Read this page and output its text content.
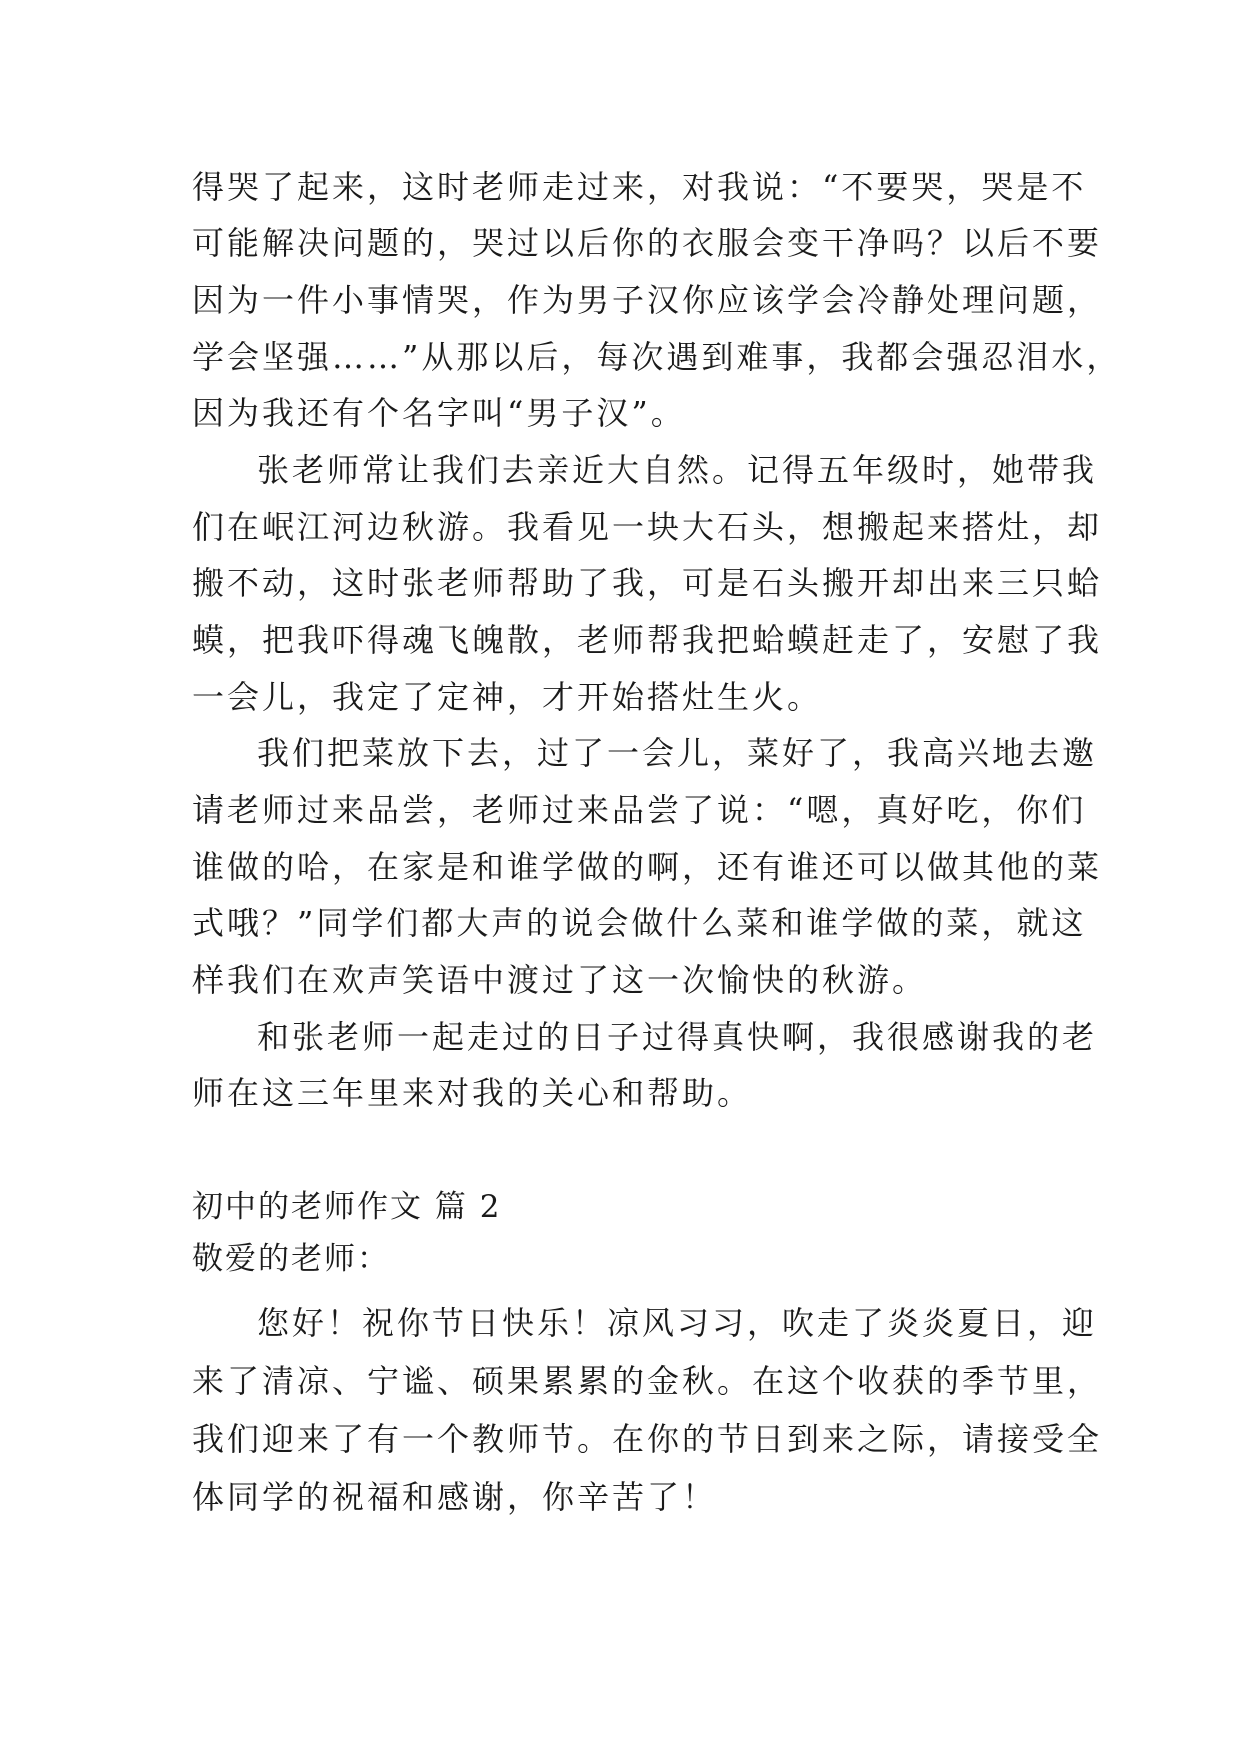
得哭了起来，这时老师走过来，对我说：“不要哭，哭是不
可能解决问题的，哭过以后你的衣服会变干净吗？以后不要
因为一件小事情哭，作为男子汉你应该学会冷静处理问题，
学会坚强……”从那以后，每次遇到难事，我都会强忍泪水，
因为我还有个名字叫“男子汉”。
张老师常让我们去亲近大自然。记得五年级时，她带我
们在岷江河边秋游。我看见一块大石头，想搬起来搭灶，却
搬不动，这时张老师帮助了我，可是石头搬开却出来三只蛤
蟆，把我吓得魂飞魄散，老师帮我把蛤蟆赶走了，安慰了我
一会儿，我定了定神，才开始搭灶生火。
我们把菜放下去，过了一会儿，菜好了，我高兴地去邀
请老师过来品尝，老师过来品尝了说：“嗯，真好吃，你们
谁做的哈，在家是和谁学做的啊，还有谁还可以做其他的菜
式哦？”同学们都大声的说会做什么菜和谁学做的菜，就这
样我们在欢声笑语中渡过了这一次愉快的秋游。
和张老师一起走过的日子过得真快啊，我很感谢我的老
师在这三年里来对我的关心和帮助。
初中的老师作文 篇 2
敬爱的老师：
您好！祝你节日快乐！凉风习习，吹走了炎炎夏日，迎
来了清凉、宁谧、硕果累累的金秋。在这个收获的季节里，
我们迎来了有一个教师节。在你的节日到来之际，请接受全
体同学的祝福和感谢，你辛苦了！
